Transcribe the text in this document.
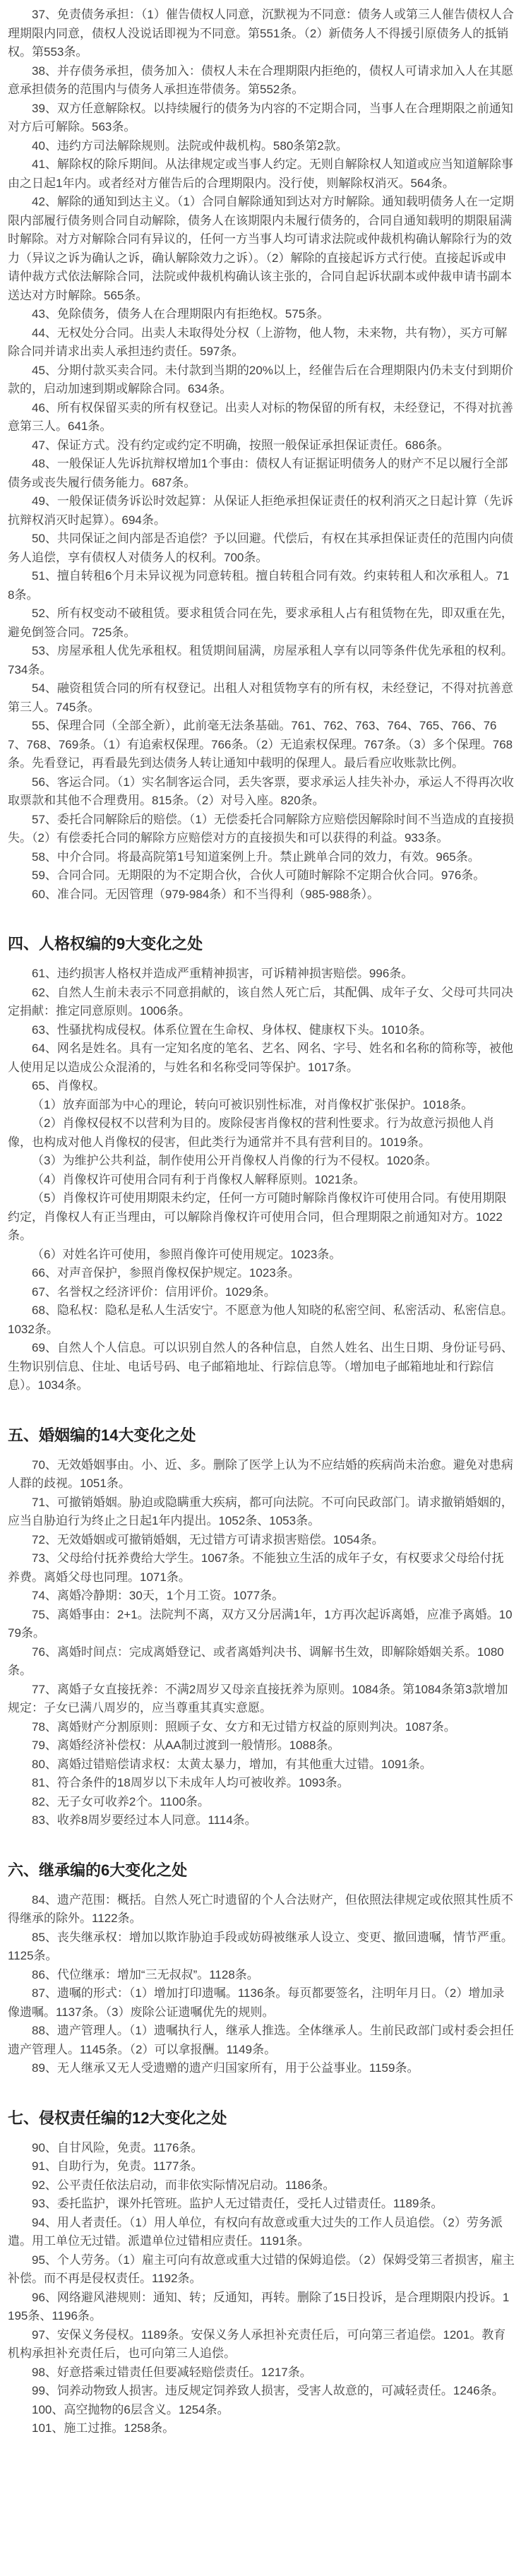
37、免责债务承担：（1）催告债权人同意，沉默视为不同意：债务人或第三人催告债权人合理期限内同意，债权人没说话即视为不同意。第551条。（2）新债务人不得援引原债务人的抵销权。第553条。

38、并存债务承担，债务加入：债权人未在合理期限内拒绝的，债权人可请求加入人在其愿意承担债务的范围内与债务人承担连带债务。第552条。

39、双方任意解除权。以持续履行的债务为内容的不定期合同，当事人在合理期限之前通知对方后可解除。563条。

40、违约方司法解除规则。法院或仲裁机构。580条第2款。

41、解除权的除斥期间。从法律规定或当事人约定。无则自解除权人知道或应当知道解除事由之日起1年内。或者经对方催告后的合理期限内。没行使，则解除权消灭。564条。

42、解除的通知到达主义。（1）合同自解除通知到达对方时解除。通知载明债务人在一定期限内部履行债务则合同自动解除，债务人在该期限内未履行债务的，合同自通知载明的期限届满时解除。对方对解除合同有异议的，任何一方当事人均可请求法院或仲裁机构确认解除行为的效力（异议之诉为确认之诉，确认解除效力之诉）。（2）解除的直接起诉方式行使。直接起诉或申请仲裁方式依法解除合同，法院或仲裁机构确认该主张的，合同自起诉状副本或仲裁申请书副本送达对方时解除。565条。

43、免除债务，债务人在合理期限内有拒绝权。575条。

44、无权处分合同。出卖人未取得处分权（上游物，他人物，未来物，共有物），买方可解除合同并请求出卖人承担违约责任。597条。

45、分期付款买卖合同。未付款到当期的20%以上，经催告后在合理期限内仍未支付到期价款的，启动加速到期或解除合同。634条。

46、所有权保留买卖的所有权登记。出卖人对标的物保留的所有权，未经登记，不得对抗善意第三人。641条。

47、保证方式。没有约定或约定不明确，按照一般保证承担保证责任。686条。

48、一般保证人先诉抗辩权增加1个事由：债权人有证据证明债务人的财产不足以履行全部债务或丧失履行债务能力。687条。

49、一般保证债务诉讼时效起算：从保证人拒绝承担保证责任的权利消灭之日起计算（先诉抗辩权消灭时起算）。694条。

50、共同保证之间内部是否追偿？予以回避。代偿后，有权在其承担保证责任的范围内向债务人追偿，享有债权人对债务人的权利。700条。

51、擅自转租6个月未异议视为同意转租。擅自转租合同有效。约束转租人和次承租人。718条。

52、所有权变动不破租赁。要求租赁合同在先，要求承租人占有租赁物在先，即双重在先，避免倒签合同。725条。

53、房屋承租人优先承租权。租赁期间届满，房屋承租人享有以同等条件优先承租的权利。734条。

54、融资租赁合同的所有权登记。出租人对租赁物享有的所有权，未经登记，不得对抗善意第三人。745条。

55、保理合同（全部全新），此前毫无法条基础。761、762、763、764、765、766、767、768、769条。（1）有追索权保理。766条。（2）无追索权保理。767条。（3）多个保理。768条。先看登记，再看最先到达债务人转让通知中载明的保理人。最后看应收账款比例。

56、客运合同。（1）实名制客运合同，丢失客票，要求承运人挂失补办，承运人不得再次收取票款和其他不合理费用。815条。（2）对号入座。820条。

57、委托合同解除后的赔偿。（1）无偿委托合同解除方应赔偿因解除时间不当造成的直接损失。（2）有偿委托合同的解除方应赔偿对方的直接损失和可以获得的利益。933条。

58、中介合同。将最高院第1号知道案例上升。禁止跳单合同的效力，有效。965条。

59、合同合同。无期限的为不定期合伙，合伙人可随时解除不定期合伙合同。976条。

60、准合同。无因管理（979-984条）和不当得利（985-988条）。

四、人格权编的9大变化之处

61、违约损害人格权并造成严重精神损害，可诉精神损害赔偿。996条。

62、自然人生前未表示不同意捐献的，该自然人死亡后，其配偶、成年子女、父母可共同决定捐献：推定同意原则。1006条。

63、性骚扰构成侵权。体系位置在生命权、身体权、健康权下头。1010条。

64、网名是姓名。具有一定知名度的笔名、艺名、网名、字号、姓名和名称的简称等，被他人使用足以造成公众混淆的，与姓名和名称受同等保护。1017条。

65、肖像权。

（1）放弃面部为中心的理论，转向可被识别性标准，对肖像权扩张保护。1018条。

（2）肖像权侵权不以营利为目的。废除侵害肖像权的营利性要求。行为故意污损他人肖像，也构成对他人肖像权的侵害，但此类行为通常并不具有营利目的。1019条。

（3）为维护公共利益，制作使用公开肖像权人肖像的行为不侵权。1020条。

（4）肖像权许可使用合同有利于肖像权人解释原则。1021条。

（5）肖像权许可使用期限未约定，任何一方可随时解除肖像权许可使用合同。有使用期限约定，肖像权人有正当理由，可以解除肖像权许可使用合同，但合理期限之前通知对方。1022条。

（6）对姓名许可使用，参照肖像许可使用规定。1023条。

66、对声音保护，参照肖像权保护规定。1023条。

67、名誉权之经济评价：信用评价。1029条。

68、隐私权：隐私是私人生活安宁。不愿意为他人知晓的私密空间、私密活动、私密信息。1032条。

69、自然人个人信息。可以识别自然人的各种信息，自然人姓名、出生日期、身份证号码、生物识别信息、住址、电话号码、电子邮箱地址、行踪信息等。（增加电子邮箱地址和行踪信息）。1034条。

五、婚姻编的14大变化之处

70、无效婚姻事由。小、近、多。删除了医学上认为不应结婚的疾病尚未治愈。避免对患病人群的歧视。1051条。

71、可撤销婚姻。胁迫或隐瞒重大疾病，都可向法院。不可向民政部门。请求撤销婚姻的，应当自胁迫行为终止之日起1年内提出。1052条、1053条。

72、无效婚姻或可撤销婚姻，无过错方可请求损害赔偿。1054条。

73、父母给付抚养费给大学生。1067条。不能独立生活的成年子女，有权要求父母给付抚养费。离婚父母也同理。1071条。

74、离婚冷静期：30天，1个月工资。1077条。

75、离婚事由：2+1。法院判不离，双方又分居满1年，1方再次起诉离婚，应准予离婚。1079条。

76、离婚时间点：完成离婚登记、或者离婚判决书、调解书生效，即解除婚姻关系。1080条。

77、离婚子女直接抚养：不满2周岁又母亲直接抚养为原则。1084条。第1084条第3款增加规定：子女已满八周岁的，应当尊重其真实意愿。

78、离婚财产分割原则：照顾子女、女方和无过错方权益的原则判决。1087条。

79、离婚经济补偿权：从AA制过渡到一般情形。1088条。

80、离婚过错赔偿请求权：太黄太暴力，增加，有其他重大过错。1091条。

81、符合条件的18周岁以下未成年人均可被收养。1093条。

82、无子女可收养2个。1100条。

83、收养8周岁要经过本人同意。1114条。

六、继承编的6大变化之处

84、遗产范围：概括。自然人死亡时遗留的个人合法财产，但依照法律规定或依照其性质不得继承的除外。1122条。

85、丧失继承权：增加以欺诈胁迫手段或妨碍被继承人设立、变更、撤回遗嘱，情节严重。1125条。

86、代位继承：增加“三无叔叔”。1128条。

87、遗嘱的形式：（1）增加打印遗嘱。1136条。每页都要签名，注明年月日。（2）增加录像遗嘱。1137条。（3）废除公证遗嘱优先的规则。

88、遗产管理人。（1）遗嘱执行人，继承人推选。全体继承人。生前民政部门或村委会担任遗产管理人。1145条。（2）可以拿报酬。1149条。

89、无人继承又无人受遗赠的遗产归国家所有，用于公益事业。1159条。

七、侵权责任编的12大变化之处

90、自甘风险，免责。1176条。

91、自助行为，免责。1177条。

92、公平责任依法启动，而非依实际情况启动。1186条。

93、委托监护，课外托管班。监护人无过错责任，受托人过错责任。1189条。

94、用人者责任。（1）用人单位，有权向有故意或重大过失的工作人员追偿。（2）劳务派遣。用工单位无过错。派遣单位过错相应责任。1191条。

95、个人劳务。（1）雇主可向有故意或重大过错的保姆追偿。（2）保姆受第三者损害，雇主补偿。而不再是侵权责任。1192条。

96、网络避风港规则：通知、转；反通知，再转。删除了15日投诉，是合理期限内投诉。1195条、1196条。

97、安保义务侵权。1189条。安保义务人承担补充责任后，可向第三者追偿。1201。教育机构承担补充责任后，也可向第三人追偿。

98、好意搭乘过错责任但要减轻赔偿责任。1217条。

99、饲养动物致人损害。违反规定饲养致人损害，受害人故意的，可减轻责任。1246条。

100、高空抛物的6层含义。1254条。

101、施工过推。1258条。
